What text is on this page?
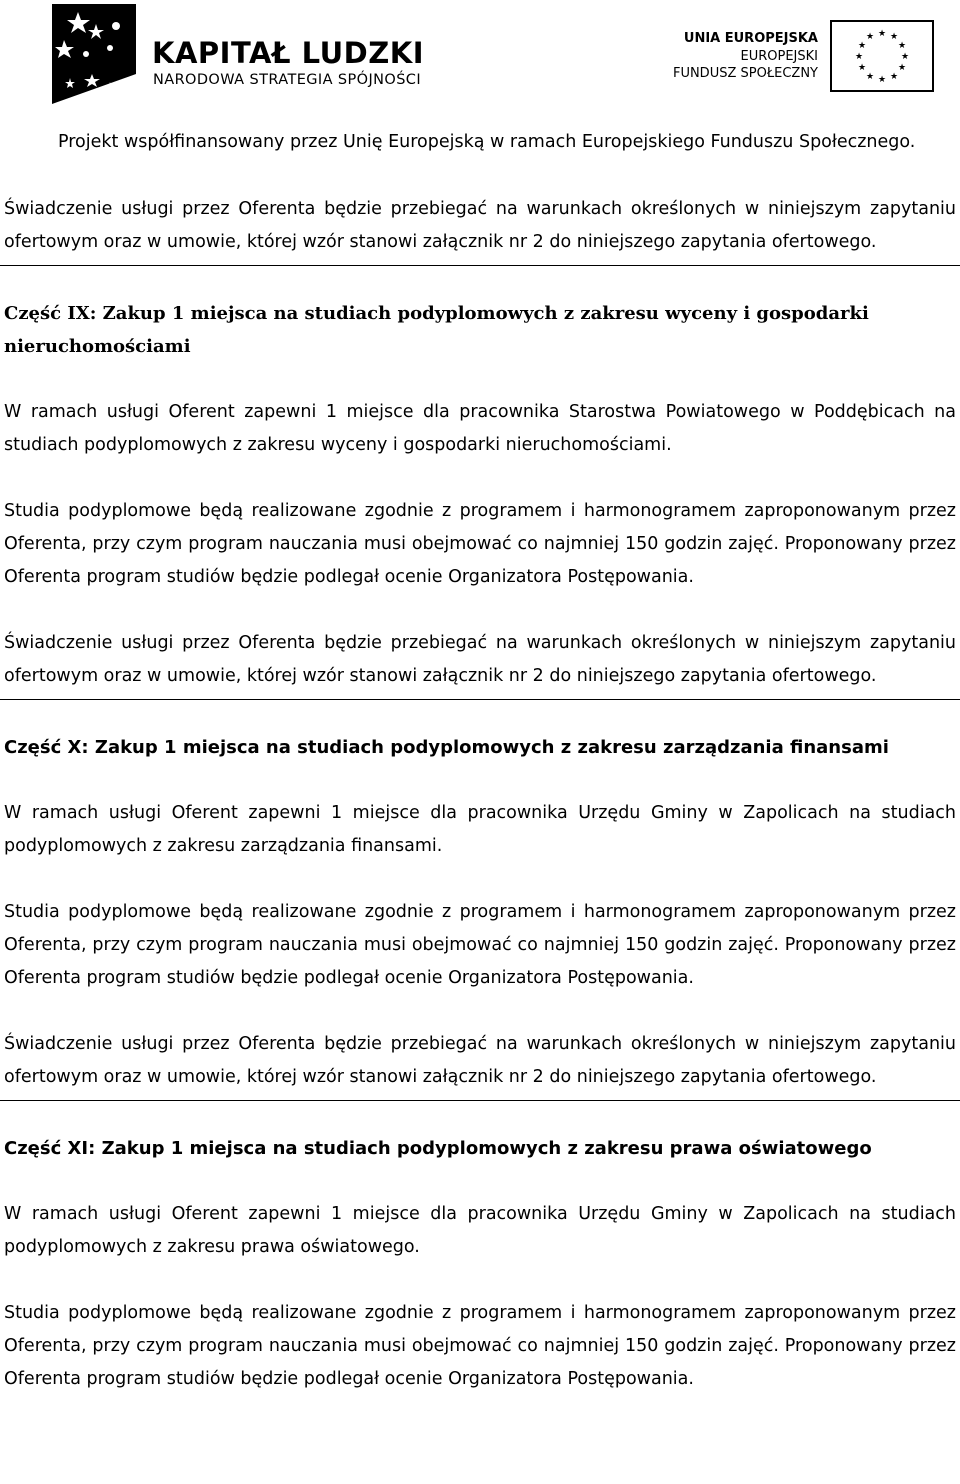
KAPITAŁ LUDZKI
NARODOWA STRATEGIA SPÓJNOŚCI
UNIA EUROPEJSKA
EUROPEJSKI
FUNDUSZ SPOŁECZNY
★ ★
★
★
★
★
★
★
★
★
★
★
Projekt współfinansowany przez Unię Europejską w ramach Europejskiego Funduszu Społecznego.

Świadczenie usługi przez Oferenta będzie przebiegać na warunkach określonych w niniejszym zapytaniu ofertowym oraz w umowie, której wzór stanowi załącznik nr 2 do niniejszego zapytania ofertowego.

Część IX: Zakup 1 miejsca na studiach podyplomowych z zakresu wyceny i gospodarki nieruchomościami

W ramach usługi Oferent zapewni 1 miejsce dla pracownika Starostwa Powiatowego w Poddębicach na studiach podyplomowych z zakresu wyceny i gospodarki nieruchomościami.

Studia podyplomowe będą realizowane zgodnie z programem i harmonogramem zaproponowanym przez Oferenta, przy czym program nauczania musi obejmować co najmniej 150 godzin zajęć. Proponowany przez Oferenta program studiów będzie podlegał ocenie Organizatora Postępowania.

Świadczenie usługi przez Oferenta będzie przebiegać na warunkach określonych w niniejszym zapytaniu ofertowym oraz w umowie, której wzór stanowi załącznik nr 2 do niniejszego zapytania ofertowego.

Część X: Zakup 1 miejsca na studiach podyplomowych z zakresu zarządzania finansami

W ramach usługi Oferent zapewni 1 miejsce dla pracownika Urzędu Gminy w Zapolicach na studiach podyplomowych z zakresu zarządzania finansami.

Studia podyplomowe będą realizowane zgodnie z programem i harmonogramem zaproponowanym przez Oferenta, przy czym program nauczania musi obejmować co najmniej 150 godzin zajęć. Proponowany przez Oferenta program studiów będzie podlegał ocenie Organizatora Postępowania.

Świadczenie usługi przez Oferenta będzie przebiegać na warunkach określonych w niniejszym zapytaniu ofertowym oraz w umowie, której wzór stanowi załącznik nr 2 do niniejszego zapytania ofertowego.

Część XI: Zakup 1 miejsca na studiach podyplomowych z zakresu prawa oświatowego

W ramach usługi Oferent zapewni 1 miejsce dla pracownika Urzędu Gminy w Zapolicach na studiach podyplomowych z zakresu prawa oświatowego.

Studia podyplomowe będą realizowane zgodnie z programem i harmonogramem zaproponowanym przez Oferenta, przy czym program nauczania musi obejmować co najmniej 150 godzin zajęć. Proponowany przez Oferenta program studiów będzie podlegał ocenie Organizatora Postępowania.
